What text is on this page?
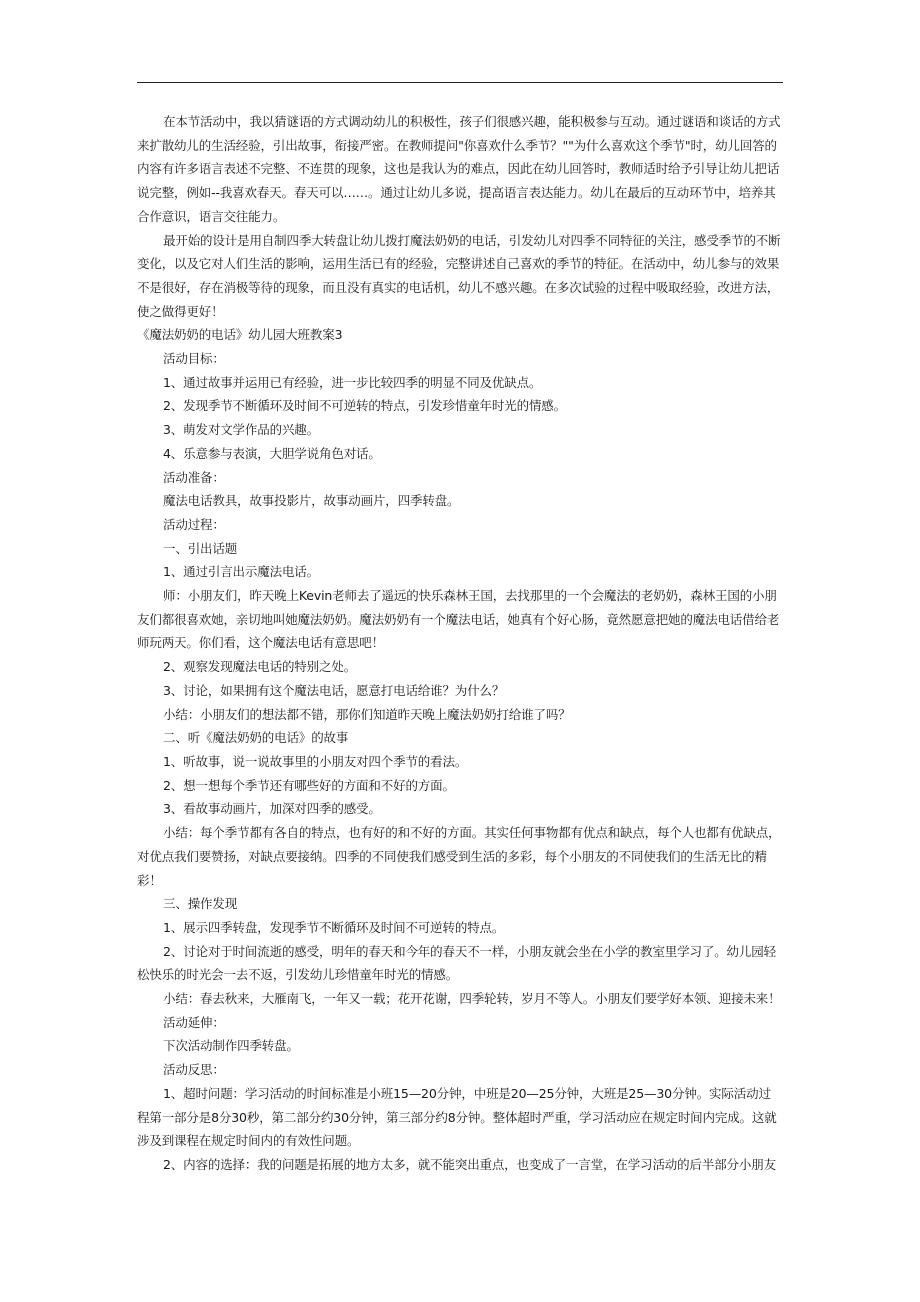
在本节活动中，我以猜谜语的方式调动幼儿的积极性，孩子们很感兴趣，能积极参与互动。通过谜语和谈话的方式来扩散幼儿的生活经验，引出故事，衔接严密。在教师提问"你喜欢什么季节？""为什么喜欢这个季节"时，幼儿回答的内容有许多语言表述不完整、不连贯的现象，这也是我认为的难点，因此在幼儿回答时，教师适时给予引导让幼儿把话说完整，例如--我喜欢春天。春天可以……。通过让幼儿多说，提高语言表达能力。幼儿在最后的互动环节中，培养其合作意识，语言交往能力。

最开始的设计是用自制四季大转盘让幼儿拨打魔法奶奶的电话，引发幼儿对四季不同特征的关注，感受季节的不断变化，以及它对人们生活的影响，运用生活已有的经验，完整讲述自己喜欢的季节的特征。在活动中，幼儿参与的效果不是很好，存在消极等待的现象，而且没有真实的电话机，幼儿不感兴趣。在多次试验的过程中吸取经验，改进方法，使之做得更好！

《魔法奶奶的电话》幼儿园大班教案3

活动目标：

1、通过故事并运用已有经验，进一步比较四季的明显不同及优缺点。

2、发现季节不断循环及时间不可逆转的特点，引发珍惜童年时光的情感。

3、萌发对文学作品的兴趣。

4、乐意参与表演，大胆学说角色对话。

活动准备：

魔法电话教具，故事投影片，故事动画片，四季转盘。

活动过程：

一、引出话题

1、通过引言出示魔法电话。

师：小朋友们，昨天晚上Kevin老师去了遥远的快乐森林王国，去找那里的一个会魔法的老奶奶，森林王国的小朋友们都很喜欢她，亲切地叫她魔法奶奶。魔法奶奶有一个魔法电话，她真有个好心肠，竟然愿意把她的魔法电话借给老师玩两天。你们看，这个魔法电话有意思吧！

2、观察发现魔法电话的特别之处。

3、讨论，如果拥有这个魔法电话，愿意打电话给谁？为什么？

小结：小朋友们的想法都不错，那你们知道昨天晚上魔法奶奶打给谁了吗？

二、听《魔法奶奶的电话》的故事

1、听故事，说一说故事里的小朋友对四个季节的看法。

2、想一想每个季节还有哪些好的方面和不好的方面。

3、看故事动画片，加深对四季的感受。

小结：每个季节都有各自的特点，也有好的和不好的方面。其实任何事物都有优点和缺点，每个人也都有优缺点，对优点我们要赞扬，对缺点要接纳。四季的不同使我们感受到生活的多彩，每个小朋友的不同使我们的生活无比的精彩！

三、操作发现

1、展示四季转盘，发现季节不断循环及时间不可逆转的特点。

2、讨论对于时间流逝的感受，明年的春天和今年的春天不一样，小朋友就会坐在小学的教室里学习了。幼儿园轻松快乐的时光会一去不返，引发幼儿珍惜童年时光的情感。

小结：春去秋来，大雁南飞，一年又一载；花开花谢，四季轮转，岁月不等人。小朋友们要学好本领、迎接未来！

活动延伸：

下次活动制作四季转盘。

活动反思：

1、超时问题：学习活动的时间标准是小班15—20分钟，中班是20—25分钟，大班是25—30分钟。实际活动过程第一部分是8分30秒，第二部分约30分钟，第三部分约8分钟。整体超时严重，学习活动应在规定时间内完成。这就涉及到课程在规定时间内的有效性问题。

2、内容的选择：我的问题是拓展的地方太多，就不能突出重点，也变成了一言堂，在学习活动的后半部分小朋友
